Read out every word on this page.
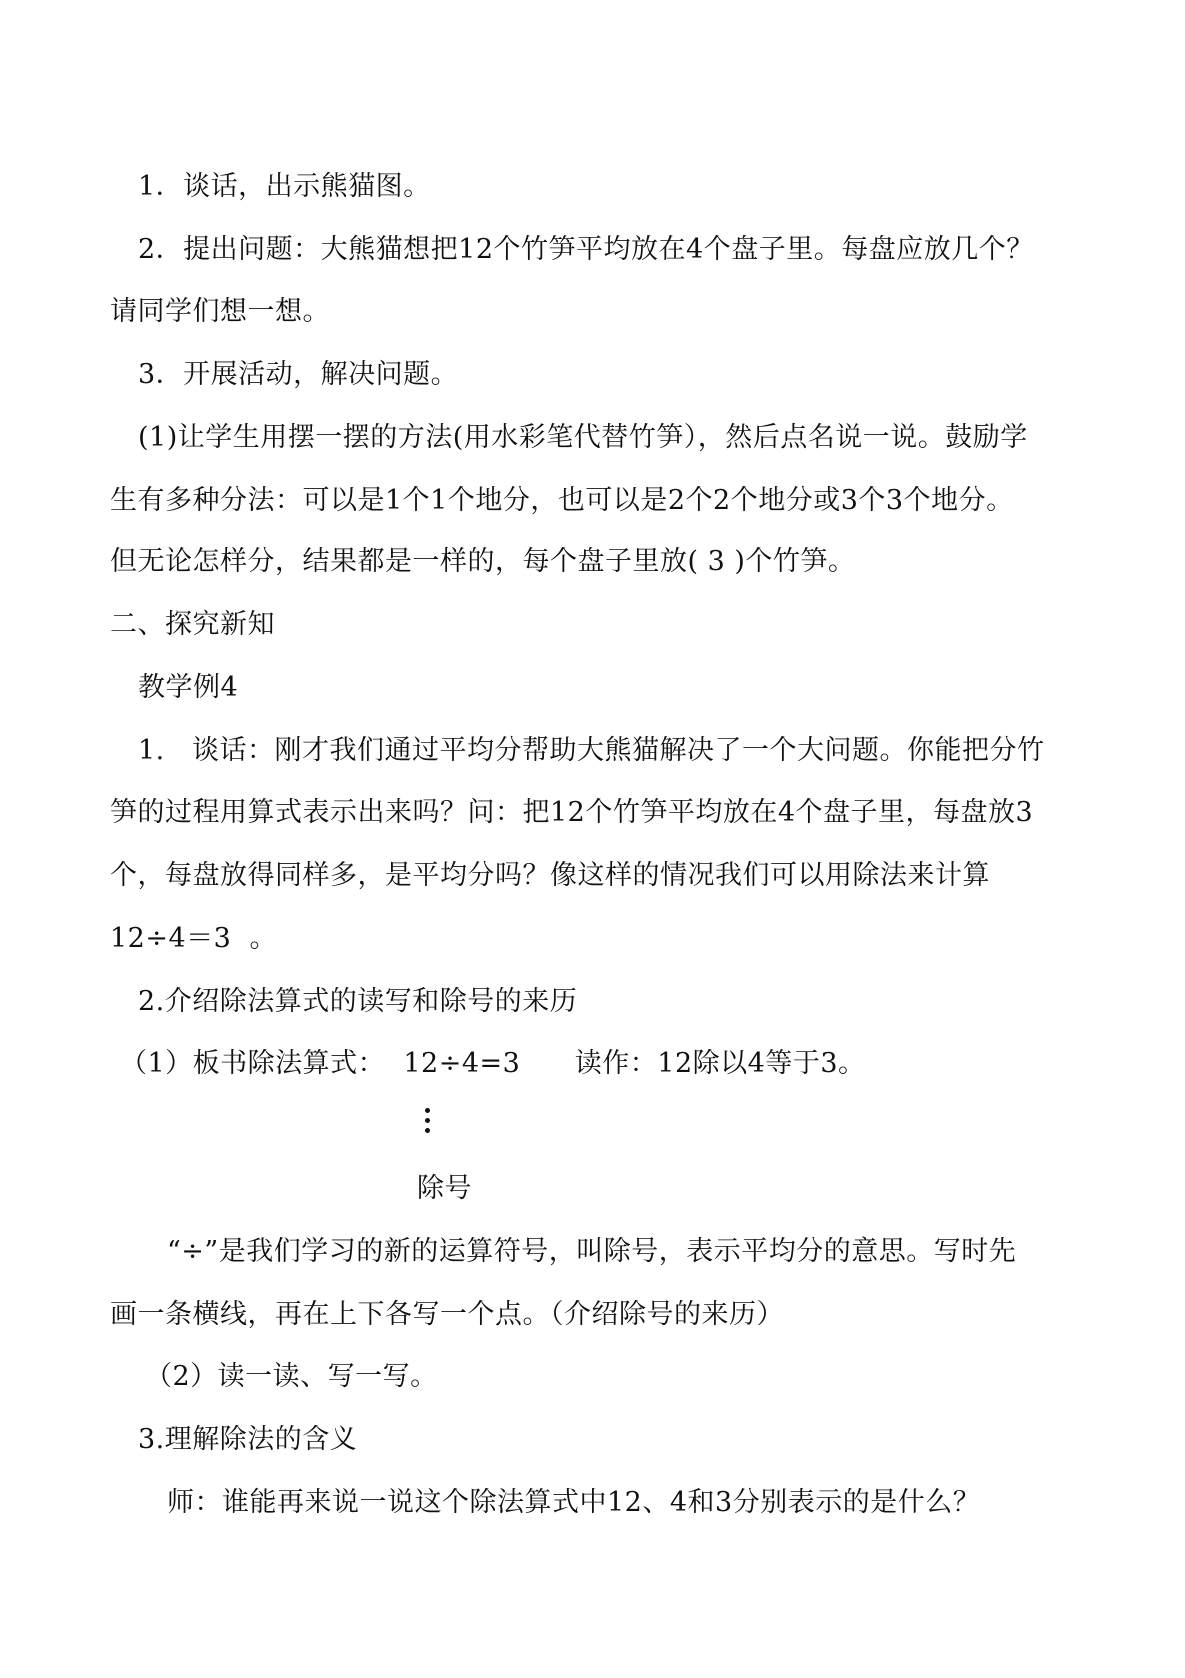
1．谈话，出示熊猫图。
2．提出问题：大熊猫想把12个竹笋平均放在4个盘子里。每盘应放几个？
请同学们想一想。
3．开展活动，解决问题。
(1)让学生用摆一摆的方法(用水彩笔代替竹笋），然后点名说一说。鼓励学
生有多种分法：可以是1个1个地分，也可以是2个2个地分或3个3个地分。
但无论怎样分，结果都是一样的，每个盘子里放( 3 )个竹笋。
二、探究新知
教学例4
1.   谈话：刚才我们通过平均分帮助大熊猫解决了一个大问题。你能把分竹
笋的过程用算式表示出来吗？问：把12个竹笋平均放在4个盘子里，每盘放3
个，每盘放得同样多，是平均分吗？像这样的情况我们可以用除法来计算
12÷4＝3  。
2.介绍除法算式的读写和除号的来历
（1）板书除法算式：  12÷4=3      读作：12除以4等于3。
除号
“÷”是我们学习的新的运算符号，叫除号，表示平均分的意思。写时先
画一条横线，再在上下各写一个点。（介绍除号的来历）
（2）读一读、写一写。
3.理解除法的含义
师：谁能再来说一说这个除法算式中12、4和3分别表示的是什么？
